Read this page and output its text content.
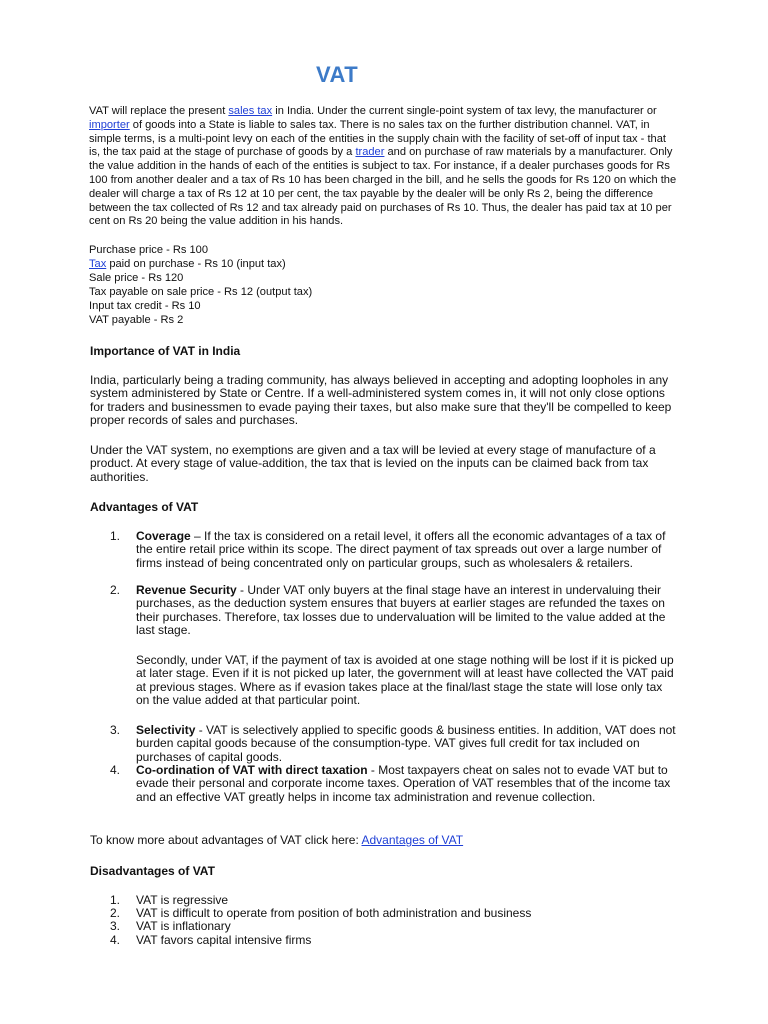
VAT

VAT will replace the present sales tax in India. Under the current single-point system of tax levy, the manufacturer or importer of goods into a State is liable to sales tax. There is no sales tax on the further distribution channel. VAT, in simple terms, is a multi-point levy on each of the entities in the supply chain with the facility of set-off of input tax - that is, the tax paid at the stage of purchase of goods by a trader and on purchase of raw materials by a manufacturer. Only the value addition in the hands of each of the entities is subject to tax. For instance, if a dealer purchases goods for Rs 100 from another dealer and a tax of Rs 10 has been charged in the bill, and he sells the goods for Rs 120 on which the dealer will charge a tax of Rs 12 at 10 per cent, the tax payable by the dealer will be only Rs 2, being the difference between the tax collected of Rs 12 and tax already paid on purchases of Rs 10. Thus, the dealer has paid tax at 10 per cent on Rs 20 being the value addition in his hands.

Purchase price - Rs 100
Tax paid on purchase - Rs 10 (input tax)
Sale price - Rs 120
Tax payable on sale price - Rs 12 (output tax)
Input tax credit - Rs 10
VAT payable - Rs 2
Importance of VAT in India

India, particularly being a trading community, has always believed in accepting and adopting loopholes in any system administered by State or Centre. If a well-administered system comes in, it will not only close options for traders and businessmen to evade paying their taxes, but also make sure that they'll be compelled to keep proper records of sales and purchases.

Under the VAT system, no exemptions are given and a tax will be levied at every stage of manufacture of a product. At every stage of value-addition, the tax that is levied on the inputs can be claimed back from tax authorities.

Advantages of VAT
1.	Coverage – If the tax is considered on a retail level, it offers all the economic advantages of a tax of the entire retail price within its scope. The direct payment of tax spreads out over a large number of firms instead of being concentrated only on particular groups, such as wholesalers & retailers.
2.	Revenue Security - Under VAT only buyers at the final stage have an interest in undervaluing their purchases, as the deduction system ensures that buyers at earlier stages are refunded the taxes on their purchases. Therefore, tax losses due to undervaluation will be limited to the value added at the last stage.
3.	Selectivity - VAT is selectively applied to specific goods & business entities. In addition, VAT does not burden capital goods because of the consumption-type. VAT gives full credit for tax included on purchases of capital goods.
4.	Co-ordination of VAT with direct taxation - Most taxpayers cheat on sales not to evade VAT but to evade their personal and corporate income taxes. Operation of VAT resembles that of the income tax and an effective VAT greatly helps in income tax administration and revenue collection.

Secondly, under VAT, if the payment of tax is avoided at one stage nothing will be lost if it is picked up at later stage. Even if it is not picked up later, the government will at least have collected the VAT paid at previous stages. Where as if evasion takes place at the final/last stage the state will lose only tax on the value added at that particular point.

To know more about advantages of VAT click here: Advantages of VAT

Disadvantages of VAT
1.	VAT is regressive
2.	VAT is difficult to operate from position of both administration and business
3.	VAT is inflationary
4.	VAT favors capital intensive firms
